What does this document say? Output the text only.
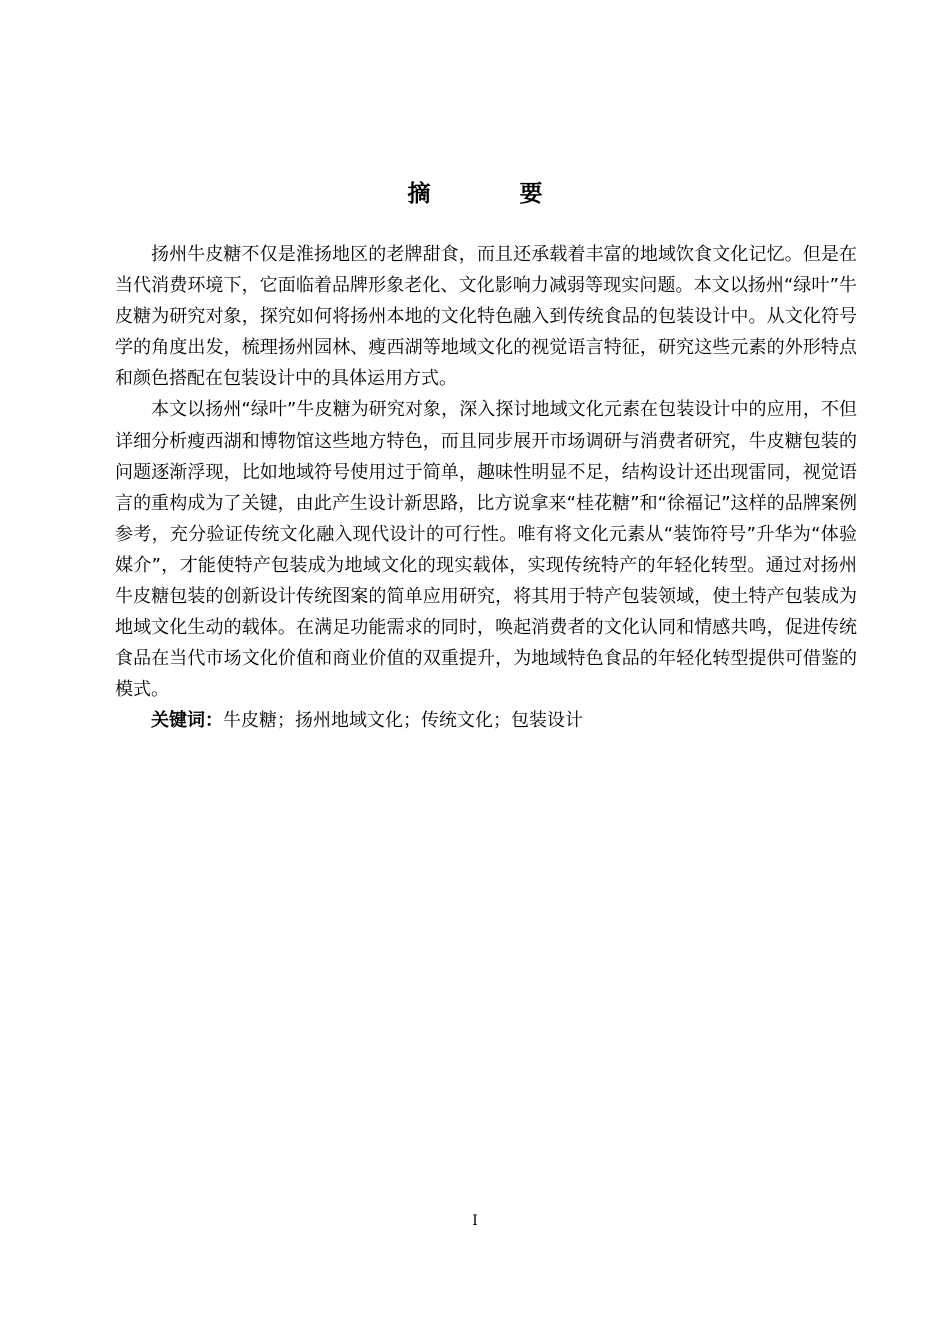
摘　要

扬州牛皮糖不仅是淮扬地区的老牌甜食，而且还承载着丰富的地域饮食文化记忆。但是在当代消费环境下，它面临着品牌形象老化、文化影响力减弱等现实问题。本文以扬州“绿叶”牛皮糖为研究对象，探究如何将扬州本地的文化特色融入到传统食品的包装设计中。从文化符号学的角度出发，梳理扬州园林、瘦西湖等地域文化的视觉语言特征，研究这些元素的外形特点和颜色搭配在包装设计中的具体运用方式。

本文以扬州“绿叶”牛皮糖为研究对象，深入探讨地域文化元素在包装设计中的应用，不但详细分析瘦西湖和博物馆这些地方特色，而且同步展开市场调研与消费者研究，牛皮糖包装的问题逐渐浮现，比如地域符号使用过于简单，趣味性明显不足，结构设计还出现雷同，视觉语言的重构成为了关键，由此产生设计新思路，比方说拿来“桂花糖”和“徐福记”这样的品牌案例参考，充分验证传统文化融入现代设计的可行性。唯有将文化元素从“装饰符号”升华为“体验媒介”，才能使特产包装成为地域文化的现实载体，实现传统特产的年轻化转型。通过对扬州牛皮糖包装的创新设计传统图案的简单应用研究，将其用于特产包装领域，使土特产包装成为地域文化生动的载体。在满足功能需求的同时，唤起消费者的文化认同和情感共鸣，促进传统食品在当代市场文化价值和商业价值的双重提升，为地域特色食品的年轻化转型提供可借鉴的模式。

关键词：牛皮糖；扬州地域文化；传统文化；包装设计

I
